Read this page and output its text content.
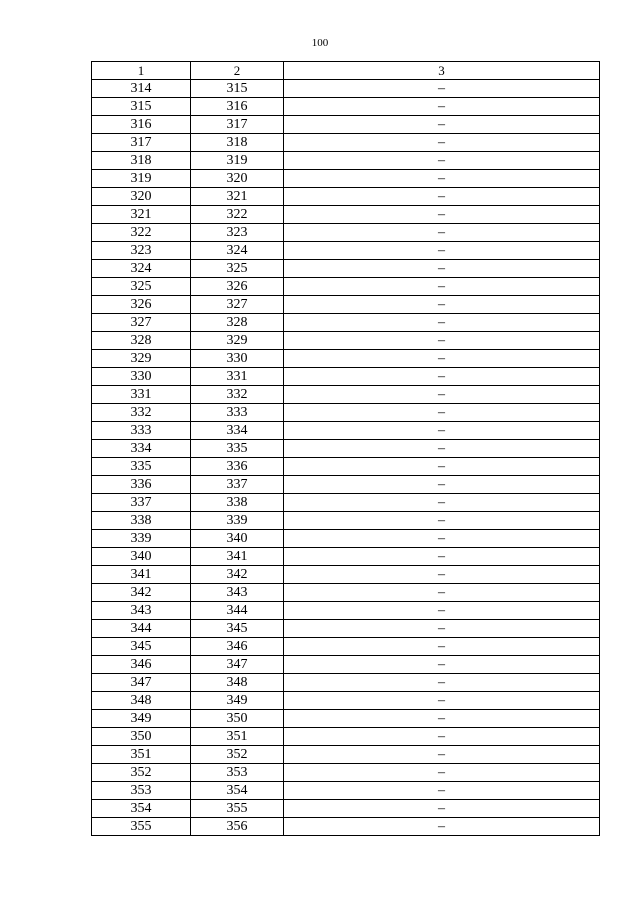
100
1	2	3
314	315	–
315	316	–
316	317	–
317	318	–
318	319	–
319	320	–
320	321	–
321	322	–
322	323	–
323	324	–
324	325	–
325	326	–
326	327	–
327	328	–
328	329	–
329	330	–
330	331	–
331	332	–
332	333	–
333	334	–
334	335	–
335	336	–
336	337	–
337	338	–
338	339	–
339	340	–
340	341	–
341	342	–
342	343	–
343	344	–
344	345	–
345	346	–
346	347	–
347	348	–
348	349	–
349	350	–
350	351	–
351	352	–
352	353	–
353	354	–
354	355	–
355	356	–
